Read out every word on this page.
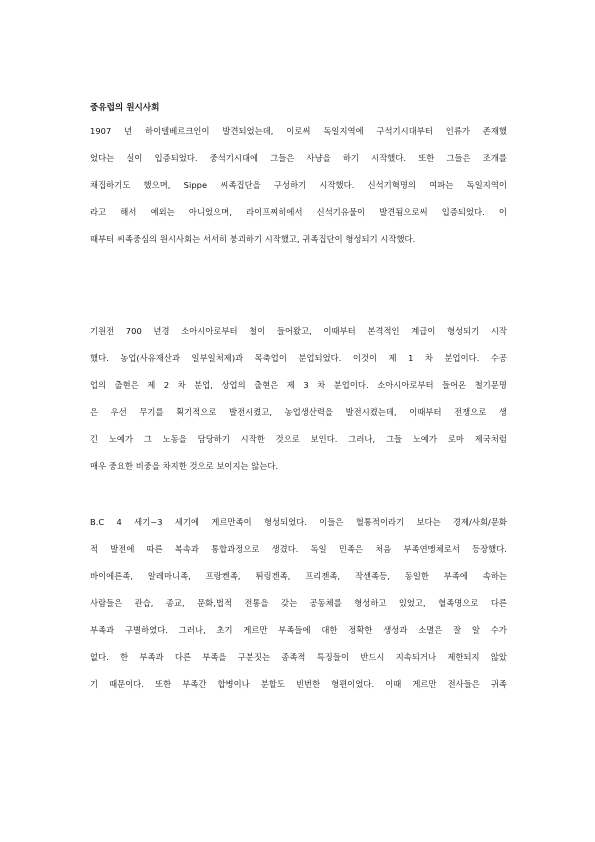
중유럽의 원시사회
1907 년 하이델베르크인이 발견되었는데, 이로써 독일지역에 구석기시대부터 인류가 존재했
었다는 실이 입증되었다. 중석기시대에 그들은 사냥을 하기 시작했다. 또한 그들은 조개를
채집하기도 했으며, Sippe 씨족집단을 구성하기 시작했다. 신석기혁명의 여파는 독일지역이
라고 해서 예외는 아니었으며, 라이프찌히에서 신석기유물이 발견됨으로써 입증되었다. 이
때부터 씨족중심의 원시사회는 서서히 붕괴하기 시작했고, 귀족집단이 형성되기 시작했다.
기원전 700 년경 소아시아로부터 철이 들어왔고, 이때부터 본격적인 계급이 형성되기 시작
했다. 농업(사유재산과 일부일처제)과 목축업이 분업되었다. 이것이 제 1 차 분업이다. 수공
업의 출현은 제 2 차 분업, 상업의 출현은 제 3 차 분업이다. 소아시아로부터 들어온 철기문명
은 우선 무기를 획기적으로 발전시켰고, 농업생산력을 발전시켰는데, 이때부터 전쟁으로 생
긴 노예가 그 노동을 담당하기 시작한 것으로 보인다. 그러나, 그들 노예가 로마 제국처럼
매우 중요한 비중을 차지한 것으로 보이지는 않는다.
B.C 4 세기~3 세기에 게르만족이 형성되었다. 이들은 혈통적이라기 보다는 경제/사회/문화
적 발전에 따른 복속과 통합과정으로 생겼다. 독일 민족은 처음 부족연맹체로서 등장했다.
바이에른족, 알레마니족, 프랑켄족, 튀링겐족, 프리젠족, 작센족등, 동일한 부족에 속하는
사람들은 관습, 종교, 문화,법적 전통을 갖는 공동체를 형성하고 있었고, 혈족명으로 다른
부족과 구별하였다. 그러나, 초기 게르만 부족들에 대한 정확한 생성과 소멸은 잘 알 수가
없다. 한 부족과 다른 부족을 구분짓는 종족적 특징들이 반드시 지속되거나 제한되지 않았
기 때문이다. 또한 부족간 합병이나 분할도 빈번한 형편이었다. 이때 게르만 전사들은 귀족
